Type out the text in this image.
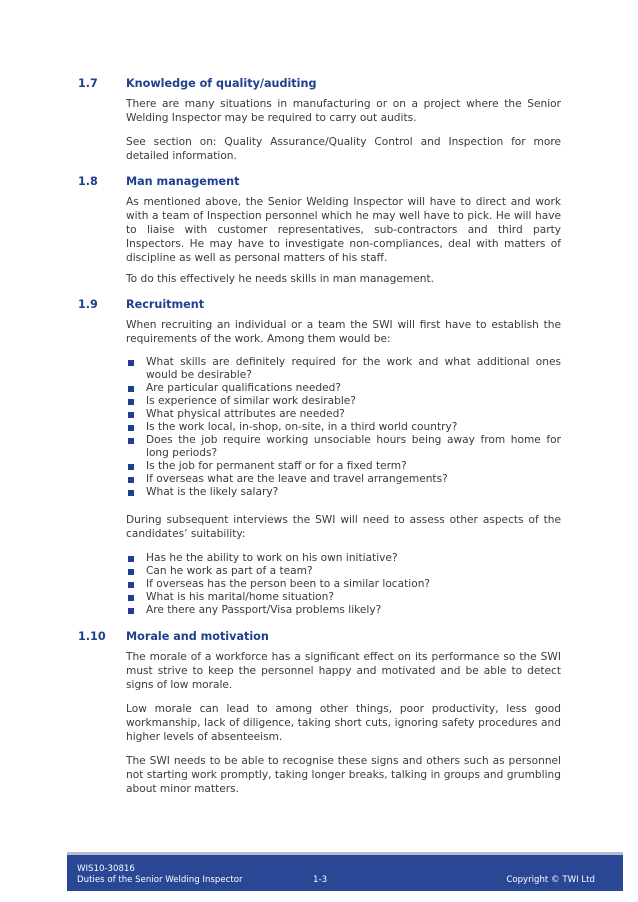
1.7	Knowledge of quality/auditing

There are many situations in manufacturing or on a project where the Senior Welding Inspector may be required to carry out audits.

See section on: Quality Assurance/Quality Control and Inspection for more detailed information.

1.8	Man management

As mentioned above, the Senior Welding Inspector will have to direct and work with a team of Inspection personnel which he may well have to pick. He will have to liaise with customer representatives, sub-contractors and third party Inspectors. He may have to investigate non-compliances, deal with matters of discipline as well as personal matters of his staff.

To do this effectively he needs skills in man management.

1.9	Recruitment

When recruiting an individual or a team the SWI will first have to establish the requirements of the work. Among them would be:

What skills are definitely required for the work and what additional ones would be desirable?
Are particular qualifications needed?
Is experience of similar work desirable?
What physical attributes are needed?
Is the work local, in-shop, on-site, in a third world country?
Does the job require working unsociable hours being away from home for long periods?
Is the job for permanent staff or for a fixed term?
If overseas what are the leave and travel arrangements?
What is the likely salary?

During subsequent interviews the SWI will need to assess other aspects of the candidates’ suitability:

Has he the ability to work on his own initiative?
Can he work as part of a team?
If overseas has the person been to a similar location?
What is his marital/home situation?
Are there any Passport/Visa problems likely?
1.10 Morale and motivation

The morale of a workforce has a significant effect on its performance so the SWI must strive to keep the personnel happy and motivated and be able to detect signs of low morale.

Low morale can lead to among other things, poor productivity, less good workmanship, lack of diligence, taking short cuts, ignoring safety procedures and higher levels of absenteeism.

The SWI needs to be able to recognise these signs and others such as personnel not starting work promptly, taking longer breaks, talking in groups and grumbling about minor matters.

WIS10-30816
Duties of the Senior Welding Inspector	1-3	Copyright © TWI Ltd
